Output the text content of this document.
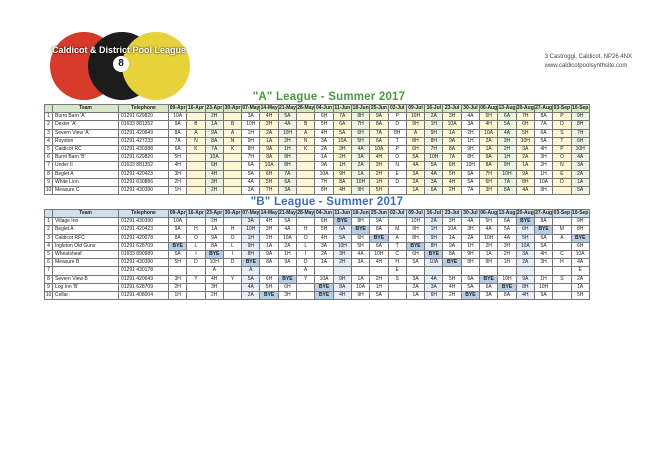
8
Caldicot & District Pool League
3 Castroggi, Caldicot, NP26 4NX
www.caldicotpoolsynthsite.com
"A" League - Summer 2017
	Team	Telephone	09-Apr	16-Apr	23-Apr	30-Apr	07-May	14-May	21-May	28-May	04-Jun	11-Jun	18-Jun	25-Jun	02-Jul	09-Jul	16-Jul	23-Jul	30-Jul	06-Aug	13-Aug	20-Aug	27-Aug	03-Sep	10-Sep
1	Burnt Barn 'A'	01291 629820	10A		2H		3A	4H	5A		6H	7A	8H	9A	P	10H	2A	3H	4A	5H	6A	7H	8A	P	9H
2	Dexter 'A'	01633 881352	9A	B	1A	B	10H	3H	4A	B	5H	6A	7H	8A	D	9H	1H	10A	3A	4H	5A	6H	7A	D	8H
3	Severn View 'A'	01291 420649	8A	A	9A	A	1H	2A	10H	A	4H	5A	6H	7A	8H	A	9H	1A	2H	10A	4A	5H	6A	S	7H
4	Royston	01291 427233	7A	N	8A	N	9H	1A	2H	N	3A	10A	5H	6A	T	8H	8H	9A	1H	2A	3H	10H	5A	T	6H
5	Caldicot RC	01291 430388	6A	K	7A	K	8H	9A	1H	K	2A	3H	4A	10A	P	6H	7H	8A	9H	1A	2H	3A	4H	P	10H
6	Burnt Barn 'B'	01291 629820	5H		10A		7H	8A	9H		1A	2H	3A	4H	O	5A	10H	7A	8H	9A	1H	2A	3H	O	4A
7	Under II	01633 881352	4H		6H		6A	10A	8H		9A	1H	2A	3H	N	4A	5A	6H	10H	8A	9H	1A	2H	N	3A
8	Beglet A	01291 420423	3H		4H		5A	6H	7A		10A	9H	1A	2H	E	3A	4A	5H	6A	7H	10H	9A	1H	E	2A
9	White Lion	01291 630886	2H		3H		4A	5H	6A		7H	8A	10H	1H	D	2A	3A	4H	5A	6H	7A	8H	10A	D	1A
10	Measure C	01291 430390	1H		2H		2A	7H	3A		8H	4H	9H	5H		1A	6A	2H	7A	3H	8A	4A	9H		5A
"B" League - Summer 2017
	Team	Telephone	09-Apr	16-Apr	23-Apr	30-Apr	07-May	14-May	21-May	28-May	04-Jun	11-Jun	18-Jun	25-Jun	02-Jul	09-Jul	16-Jul	23-Jul	30-Jul	06-Aug	13-Aug	20-Aug	27-Aug	03-Sep	10-Sep
1	Village Inn	01291 430390	10A		2H		3A	4H	5A		6H	BYE	8H	9A		10H	2A	3H	4A	5H	6A	BYE	8A		9H
2	Beglet A	01291 420423	9A	H	1A	H	10H	3H	4A	H	5H	6A	BYE	8A	M	9H	1H	10A	3H	4A	5A	6H	BYE	M	8H
3	Caldicot RFC	01291 420078	8A	O	9A	O	1H	2H	10A	O	4H	5A	6H	BYE	A	8H	9H	1A	2A	10H	4A	5H	6A	A	BYE
4	Ingleton Old Guns	01291 628709	BYE	L	8A	L	9H	1A	2A	L	3A	10H	5H	6A	T	BYE	8H	9A	1H	2H	3H	10A	5A		6H
5	Wheatsheaf	01633 890989	6A	I	BYE	I	8H	9A	1H	I	2A	3H	4A	10H	C	6H	BYE	8A	9H	1A	2H	3A	4H	C	10A
6	Measure B	01291 430390	5H	D	10H	D	BYE	8A	9A	D	1A	2H	3A	4H	H	5A	10A	BYE	8H	9H	1H	2A	3H	H	4A
7		01291 430178			A		A			A					E										E
8	Severn View B	01291 420649	3H	Y	4H	Y	5A	6H	BYE	Y	10A	9H	1A	2H	S	3A	4A	5H	6A	BYE	10H	9A	1H	S	2A
9	Log Inn 'B'	01291 628709	2H		3H		4A	5H	6H		BYE	8A	10A	1H		2A	3A	4H	5A	6A	BYE	8H	10H		1A
10	Cellar	01291 408004	1H		2H		2A	BYE	3H		BYE	4H	9H	5A		1A	6H	2H	BYE	3A	8A	4H	9A		5H
